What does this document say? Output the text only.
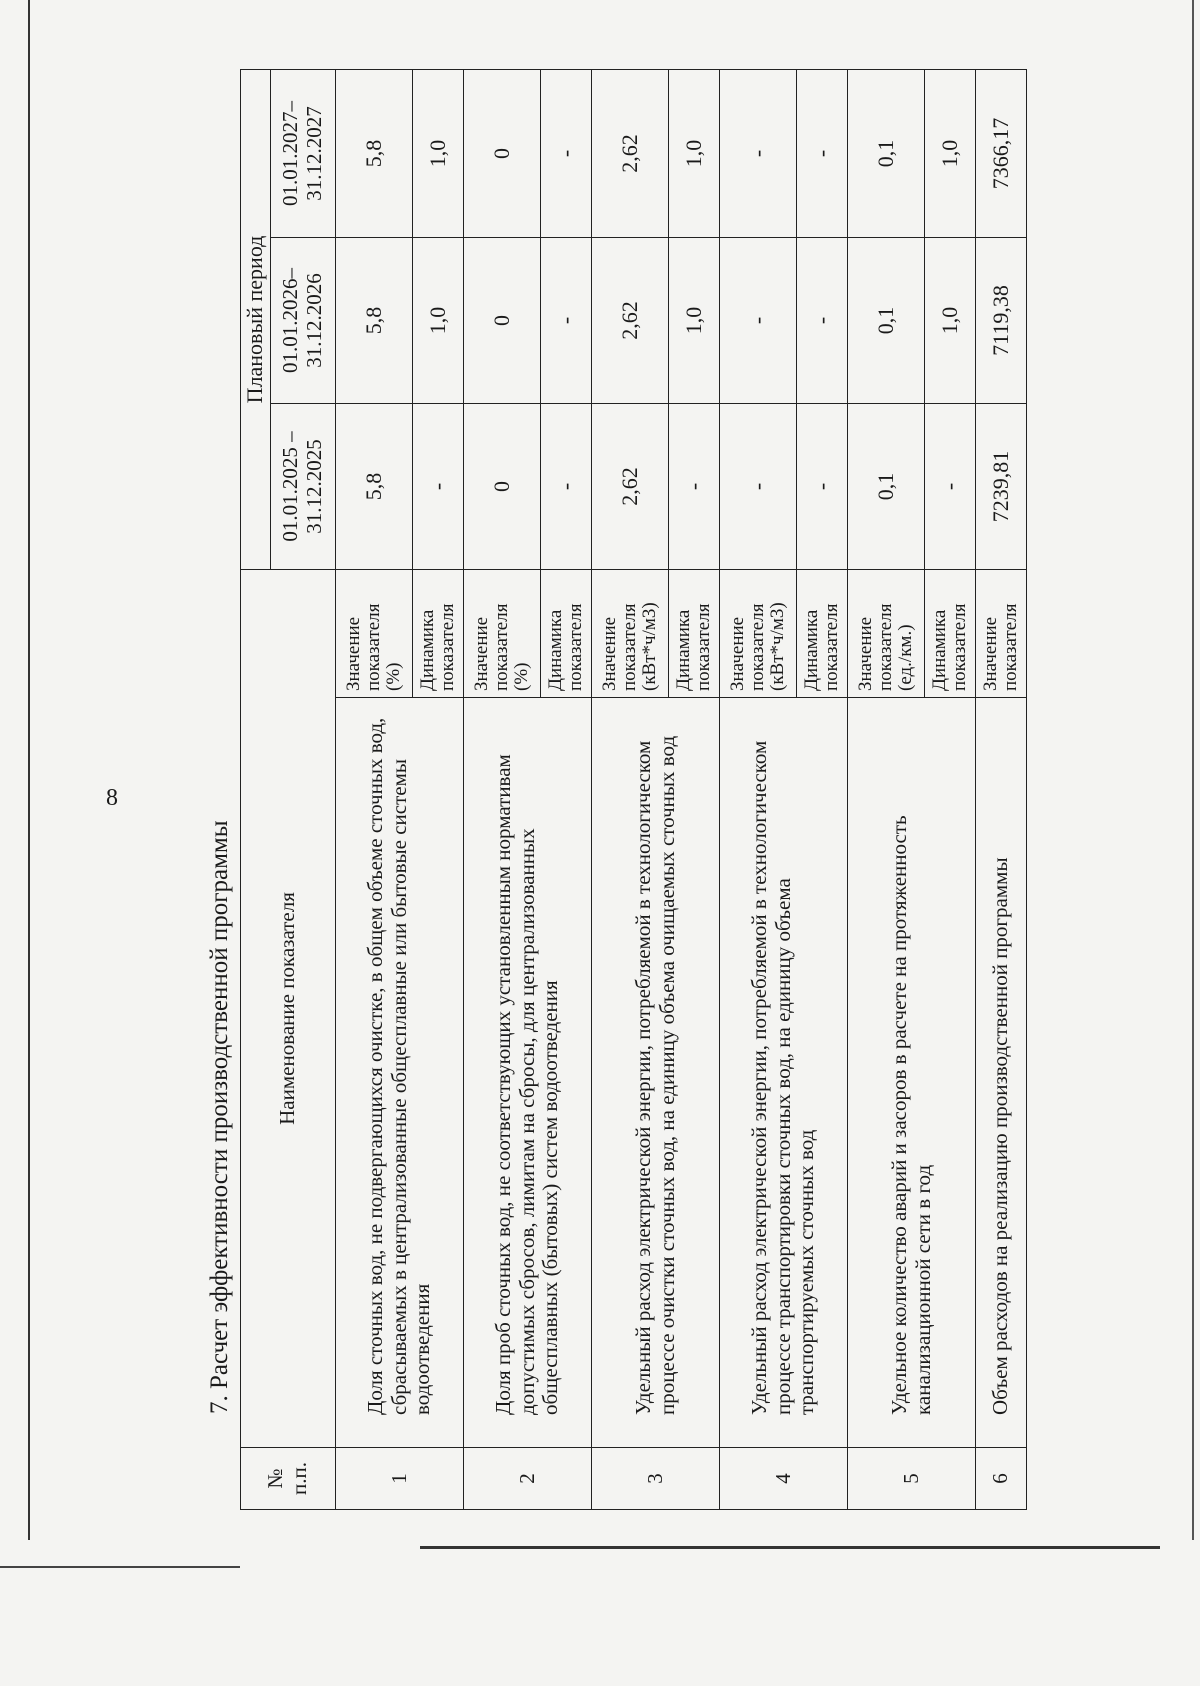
8
7. Расчет эффективности производственной программы
№ п.п.	Наименование показателя		Плановый период		
			01.01.2025 – 31.12.2025	01.01.2026– 31.12.2026	01.01.2027– 31.12.2027
1	Доля сточных вод, не подвергающихся очистке, в общем объеме сточных вод, сбрасываемых в централизованные общесплавные или бытовые системы водоотведения	Значение показателя (%)	5,8	5,8	5,8
		Динамика показателя	-	1,0	1,0
2	Доля проб сточных вод, не соответствующих установленным нормативам допустимых сбросов, лимитам на сбросы, для централизованных общесплавных (бытовых) систем водоотведения	Значение показателя (%)	0	0	0
		Динамика показателя	-	-	-
3	Удельный расход электрической энергии, потребляемой в технологическом процессе очистки сточных вод, на единицу объема очищаемых сточных вод	Значение показателя (кВт*ч/м3)	2,62	2,62	2,62
		Динамика показателя	-	1,0	1,0
4	Удельный расход электрической энергии, потребляемой в технологическом процессе транспортировки сточных вод, на единицу объема транспортируемых сточных вод	Значение показателя (кВт*ч/м3)	-	-	-
		Динамика показателя	-	-	-
5	Удельное количество аварий и засоров в расчете на протяженность канализационной сети в год	Значение показателя (ед./км.)	0,1	0,1	0,1
		Динамика показателя	-	1,0	1,0
6	Объем расходов на реализацию производственной программы	Значение показателя	7239,81	7119,38	7366,17
